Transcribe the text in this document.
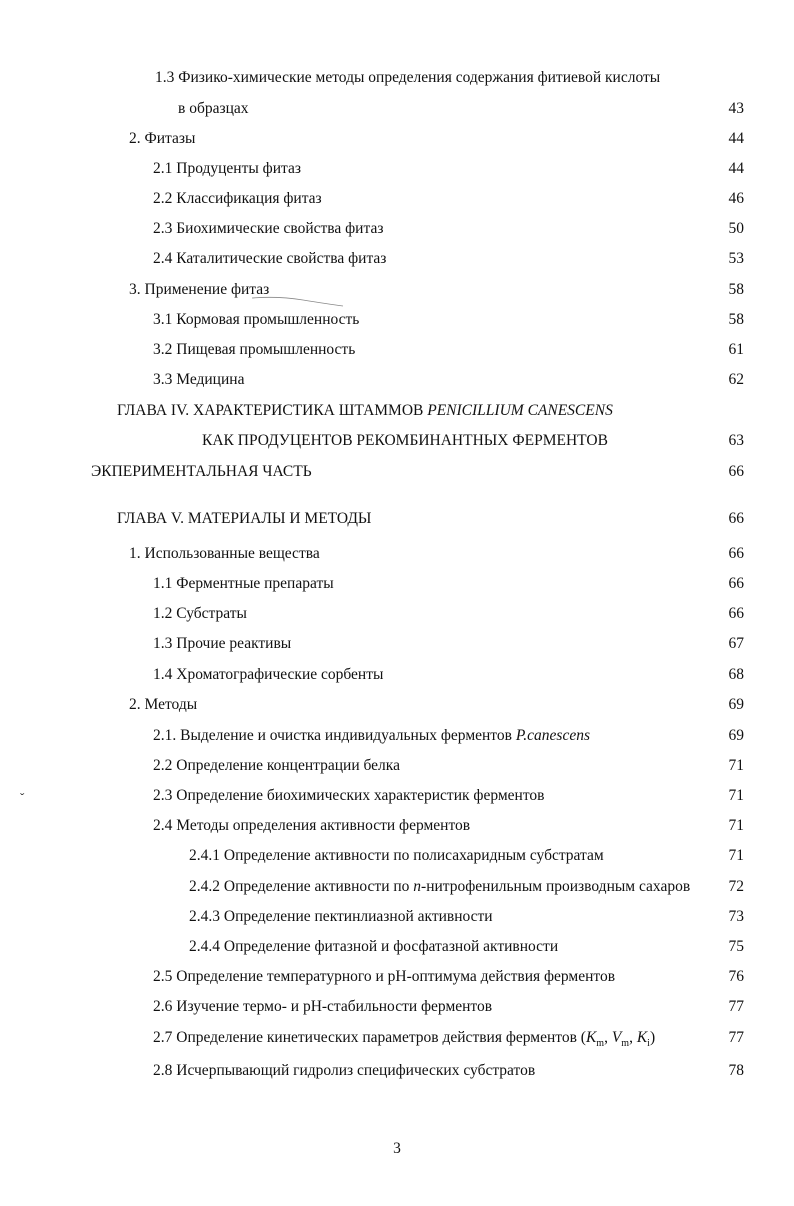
1.3 Физико-химические методы определения содержания фитиевой кислоты
в образцах	43
2. Фитазы	44
2.1 Продуценты фитаз	44
2.2 Классификация фитаз	46
2.3 Биохимические свойства фитаз	50
2.4 Каталитические свойства фитаз	53
3. Применение фитаз	58
3.1 Кормовая промышленность	58
3.2 Пищевая промышленность	61
3.3 Медицина	62
ГЛАВА IV. ХАРАКТЕРИСТИКА ШТАММОВ PENICILLIUM CANESCENS
КАК ПРОДУЦЕНТОВ РЕКОМБИНАНТНЫХ ФЕРМЕНТОВ	63
ЭКПЕРИМЕНТАЛЬНАЯ ЧАСТЬ	66
ГЛАВА V. МАТЕРИАЛЫ И МЕТОДЫ	66
1. Использованные вещества	66
1.1 Ферментные препараты	66
1.2 Субстраты	66
1.3 Прочие реактивы	67
1.4 Хроматографические сорбенты	68
2. Методы	69
2.1. Выделение и очистка индивидуальных ферментов P.canescens	69
2.2 Определение концентрации белка	71
2.3 Определение биохимических характеристик ферментов	71
2.4 Методы определения активности ферментов	71
2.4.1 Определение активности по полисахаридным субстратам	71
2.4.2 Определение активности по n-нитрофенильным производным сахаров 72
2.4.3 Определение пектинлиазной активности	73
2.4.4 Определение фитазной и фосфатазной активности	75
2.5 Определение температурного и рН-оптимума действия ферментов	76
2.6 Изучение термо- и рН-стабильности ферментов	77
2.7 Определение кинетических параметров действия ферментов ($K_m$, $V_m$, $K_i$)	77
2.8 Исчерпывающий гидролиз специфических субстратов	78
ˇ
3
